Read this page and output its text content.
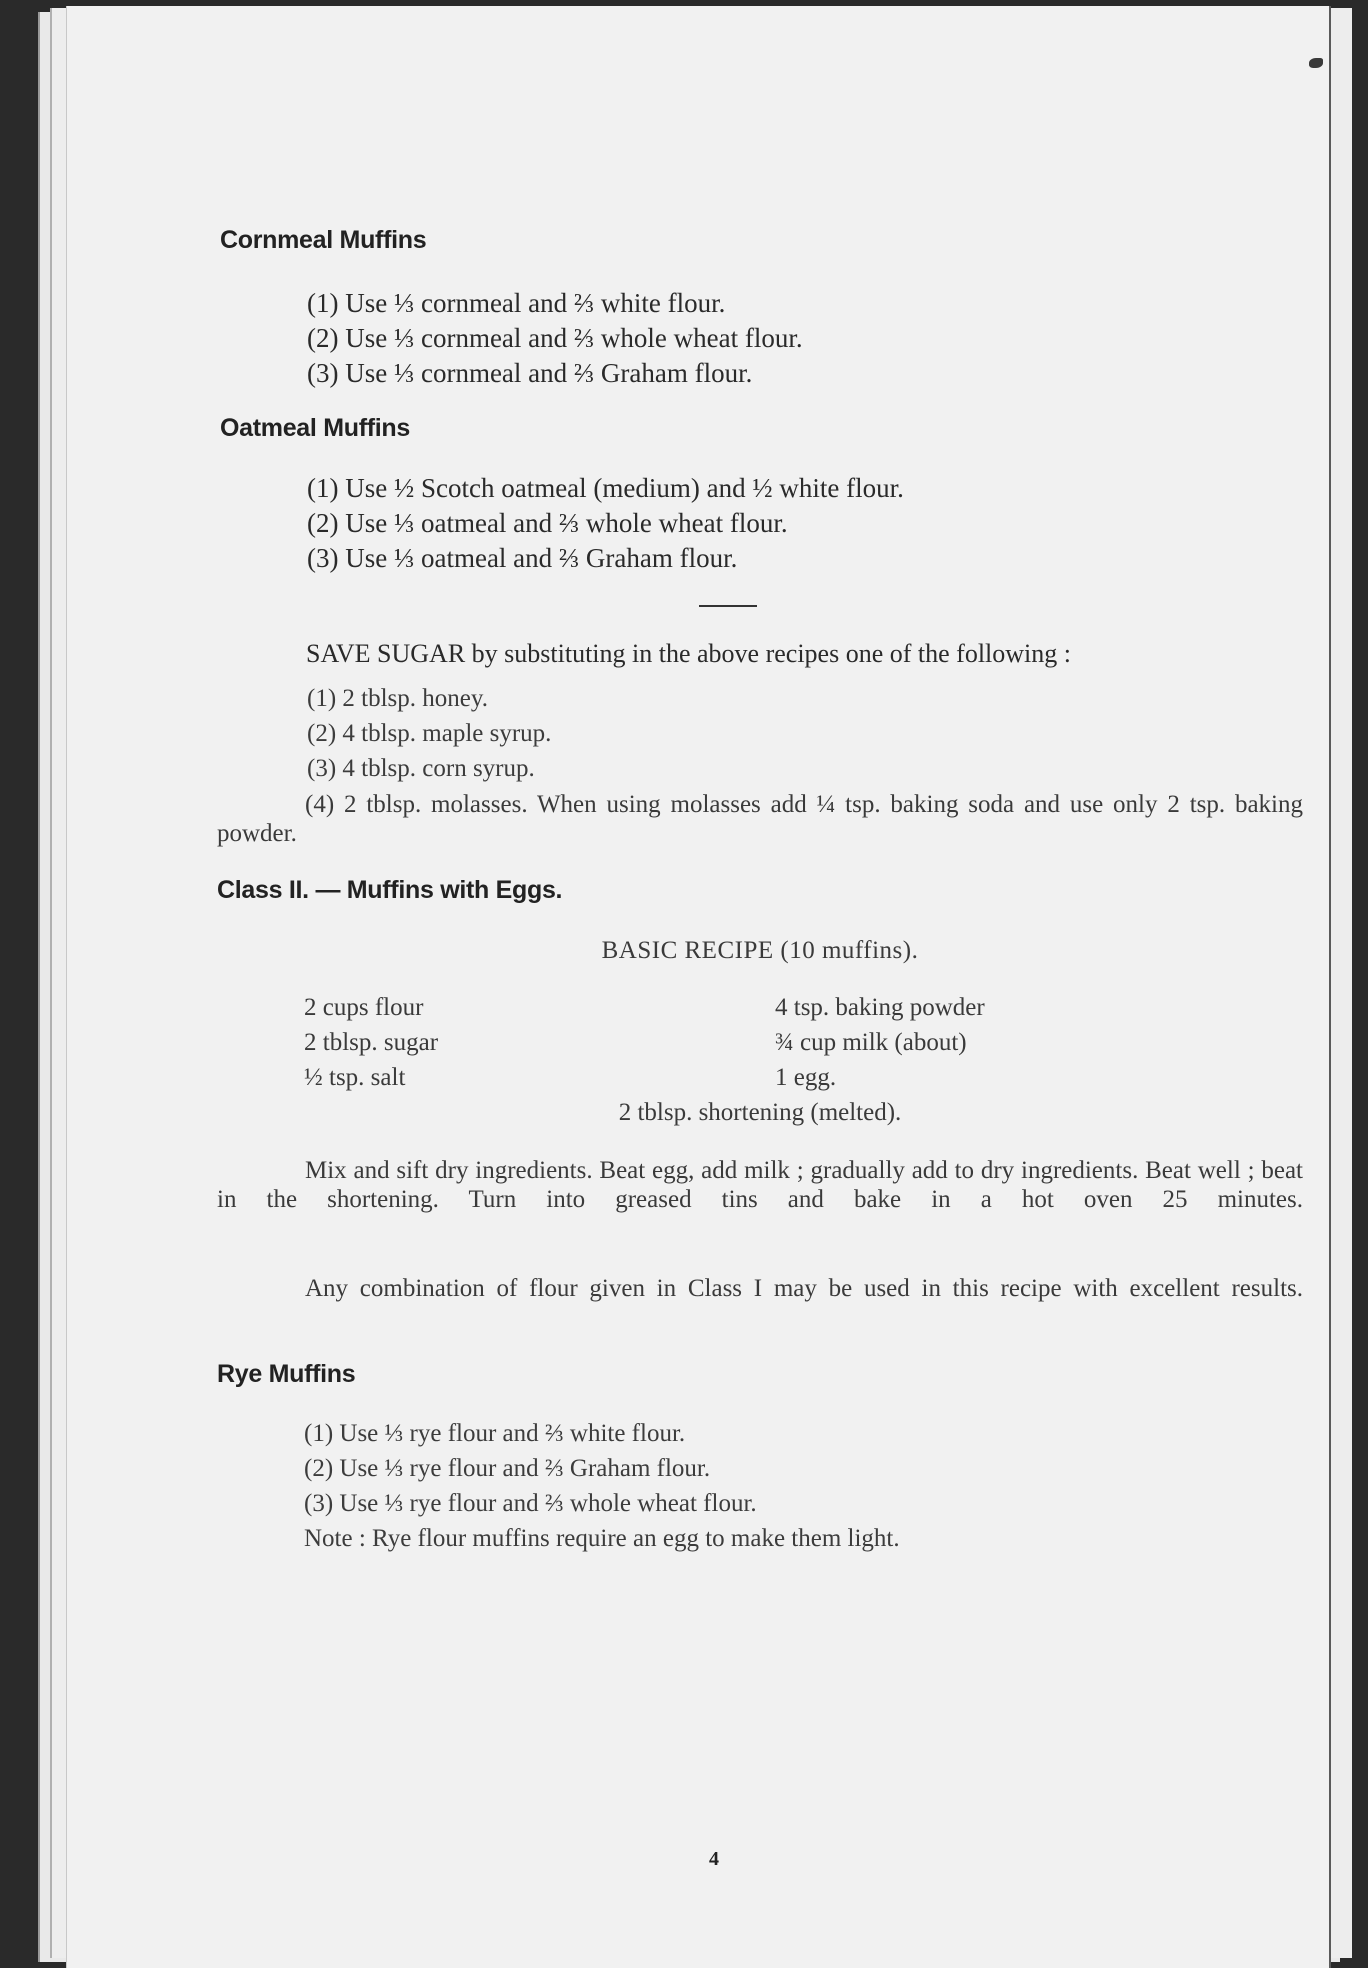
Cornmeal Muffins
(1) Use ⅓ cornmeal and ⅔ white flour.
(2) Use ⅓ cornmeal and ⅔ whole wheat flour.
(3) Use ⅓ cornmeal and ⅔ Graham flour.
Oatmeal Muffins
(1) Use ½ Scotch oatmeal (medium) and ½ white flour.
(2) Use ⅓ oatmeal and ⅔ whole wheat flour.
(3) Use ⅓ oatmeal and ⅔ Graham flour.
SAVE SUGAR by substituting in the above recipes one of the following :
(1) 2 tblsp. honey.
(2) 4 tblsp. maple syrup.
(3) 4 tblsp. corn syrup.
(4) 2 tblsp. molasses. When using molasses add ¼ tsp. baking soda and use only 2 tsp. baking powder.
Class II. — Muffins with Eggs.
BASIC RECIPE (10 muffins).
2 cups flour
2 tblsp. sugar
½ tsp. salt
4 tsp. baking powder
¾ cup milk (about)
1 egg.
2 tblsp. shortening (melted).
Mix and sift dry ingredients. Beat egg, add milk ; gradually add to dry ingredients. Beat well ; beat in the shortening. Turn into greased tins and bake in a hot oven 25 minutes.
Any combination of flour given in Class I may be used in this recipe with excellent results.
Rye Muffins
(1) Use ⅓ rye flour and ⅔ white flour.
(2) Use ⅓ rye flour and ⅔ Graham flour.
(3) Use ⅓ rye flour and ⅔ whole wheat flour.
Note : Rye flour muffins require an egg to make them light.
4
